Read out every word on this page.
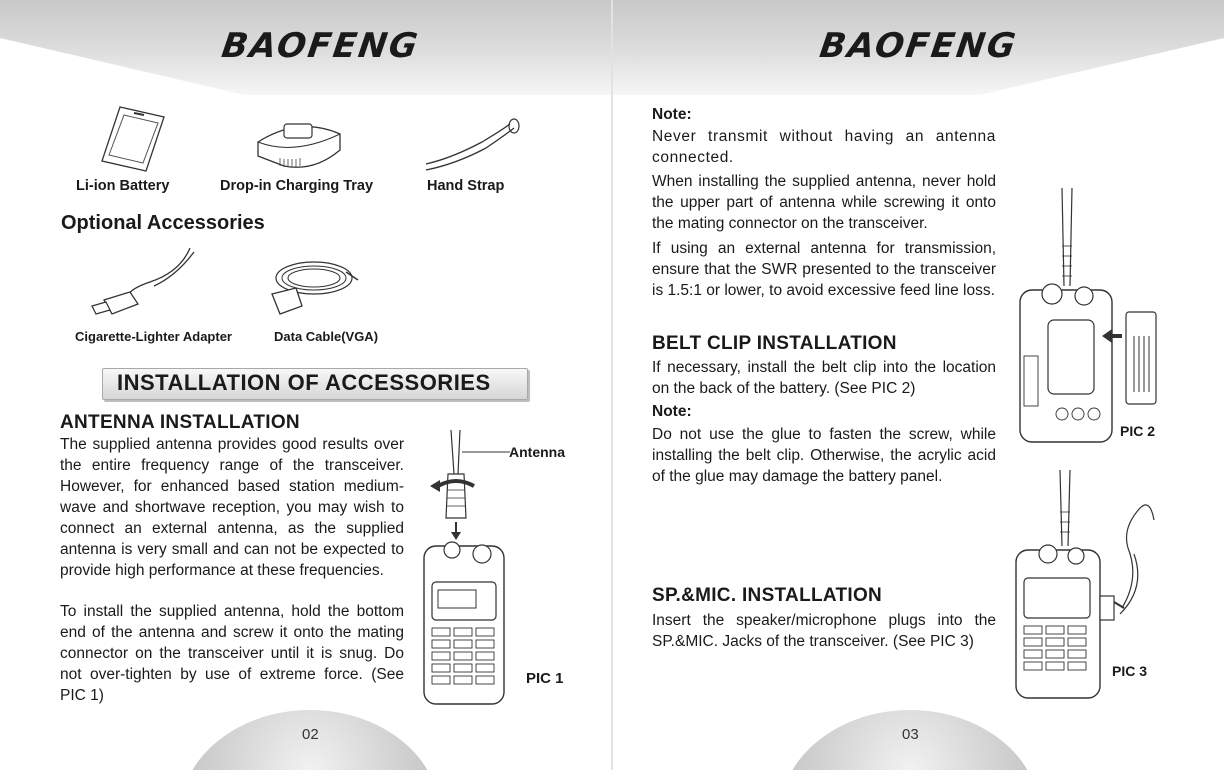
BAOFENG
Li-ion Battery	Drop-in Charging Tray	Hand Strap
Optional Accessories
Cigarette-Lighter Adapter	Data Cable(VGA)
INSTALLATION OF ACCESSORIES
ANTENNA INSTALLATION
The supplied antenna provides good results over the entire frequency range of the transceiver. However, for enhanced based station medium-wave and shortwave reception, you may wish to connect an external antenna, as the supplied antenna is very small and can not be expected to provide high performance at these frequencies.
To install the supplied antenna, hold the bottom end of the antenna and screw it onto the mating connector on the transceiver until it is snug. Do not over-tighten by use of extreme force. (See PIC 1)
Antenna
PIC 1
02
BAOFENG
Note:
Never transmit without having an antenna connected.
When installing the supplied antenna, never hold the upper part of antenna while screwing it onto the mating connector on the transceiver.
If using an external antenna for transmission, ensure that the SWR presented to the transceiver is 1.5:1 or lower, to avoid excessive feed line loss.
BELT CLIP INSTALLATION
If necessary, install the belt clip into the location on the back of the battery. (See PIC 2)
Note:
Do not use the glue to fasten the screw, while installing the belt clip. Otherwise, the acrylic acid of the glue may damage the battery panel.
SP.&MIC. INSTALLATION
Insert the speaker/microphone plugs into the SP.&MIC. Jacks of the transceiver. (See PIC 3)
PIC 2
PIC 3
03
